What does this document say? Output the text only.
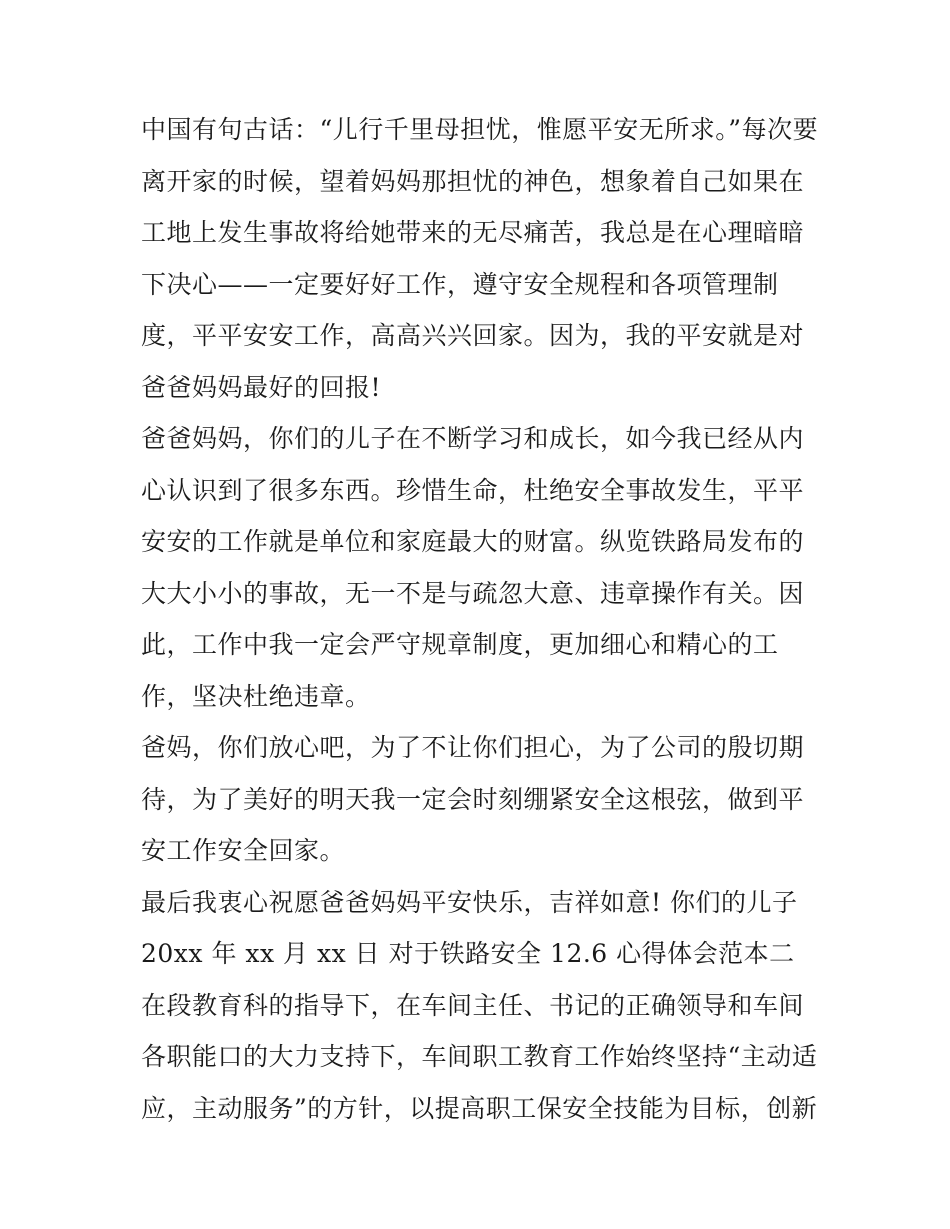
中国有句古话：“儿行千里母担忧，惟愿平安无所求。”每次要离开家的时候，望着妈妈那担忧的神色，想象着自己如果在工地上发生事故将给她带来的无尽痛苦，我总是在心理暗暗下决心——一定要好好工作，遵守安全规程和各项管理制度，平平安安工作，高高兴兴回家。因为，我的平安就是对爸爸妈妈最好的回报!

爸爸妈妈，你们的儿子在不断学习和成长，如今我已经从内心认识到了很多东西。珍惜生命，杜绝安全事故发生，平平安安的工作就是单位和家庭最大的财富。纵览铁路局发布的大大小小的事故，无一不是与疏忽大意、违章操作有关。因此，工作中我一定会严守规章制度，更加细心和精心的工作，坚决杜绝违章。

爸妈，你们放心吧，为了不让你们担心，为了公司的殷切期待，为了美好的明天我一定会时刻绷紧安全这根弦，做到平安工作安全回家。

最后我衷心祝愿爸爸妈妈平安快乐，吉祥如意! 你们的儿子

20xx 年 xx 月 xx 日 对于铁路安全 12.6 心得体会范本二

在段教育科的指导下，在车间主任、书记的正确领导和车间各职能口的大力支持下，车间职工教育工作始终坚持“主动适应，主动服务”的方针，以提高职工保安全技能为目标，创新
